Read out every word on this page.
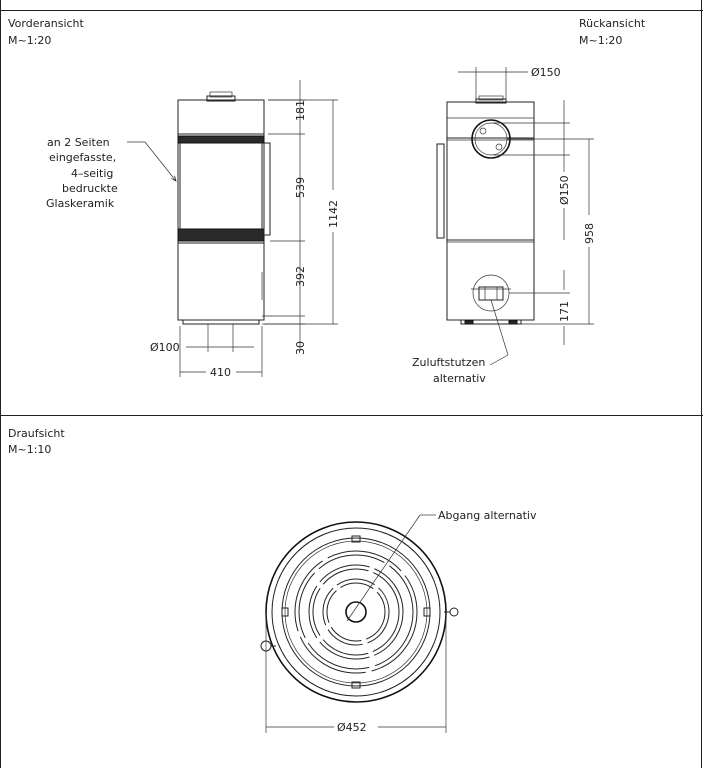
Vorderansicht
M~1:20
Rückansicht
M~1:20
Draufsicht
M~1:10
an 2 Seiten
eingefasste,
4–seitig
bedruckte
Glaskeramik
181
539
392
30
1142
Ø100
410
Ø150
Ø150
958
171
Zuluftstutzen
alternativ
Abgang alternativ
Ø452
